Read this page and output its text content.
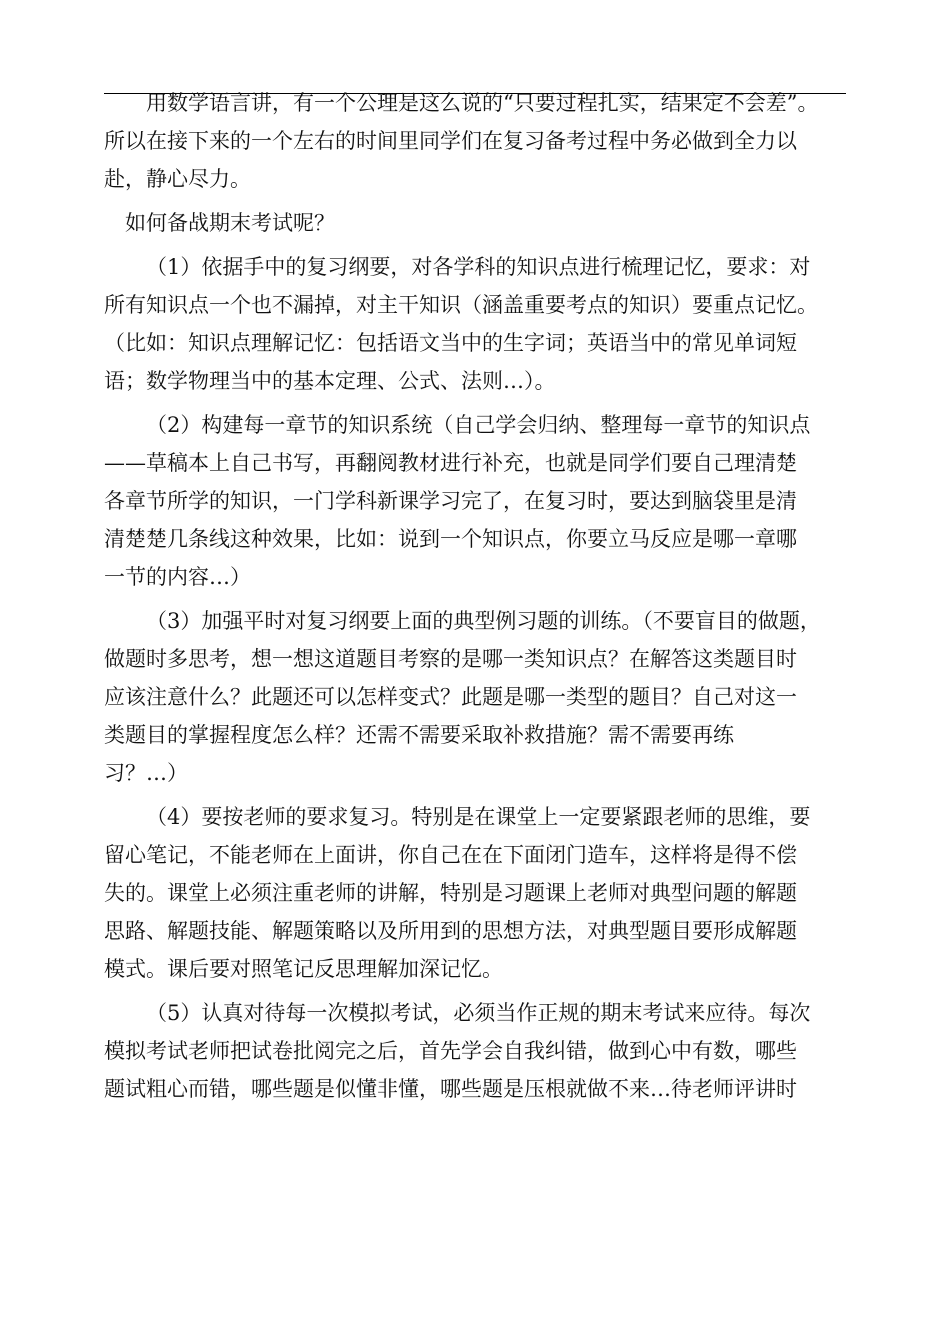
用数学语言讲，有一个公理是这么说的“只要过程扎实，结果定不会差”。
所以在接下来的一个左右的时间里同学们在复习备考过程中务必做到全力以
赴，静心尽力。

如何备战期末考试呢？

（1）依据手中的复习纲要，对各学科的知识点进行梳理记忆，要求：对
所有知识点一个也不漏掉，对主干知识（涵盖重要考点的知识）要重点记忆。
（比如：知识点理解记忆：包括语文当中的生字词；英语当中的常见单词短
语；数学物理当中的基本定理、公式、法则…）。

（2）构建每一章节的知识系统（自己学会归纳、整理每一章节的知识点
——草稿本上自己书写，再翻阅教材进行补充，也就是同学们要自己理清楚
各章节所学的知识，一门学科新课学习完了，在复习时，要达到脑袋里是清
清楚楚几条线这种效果，比如：说到一个知识点，你要立马反应是哪一章哪
一节的内容…）

（3）加强平时对复习纲要上面的典型例习题的训练。（不要盲目的做题，
做题时多思考，想一想这道题目考察的是哪一类知识点？在解答这类题目时
应该注意什么？此题还可以怎样变式？此题是哪一类型的题目？自己对这一
类题目的掌握程度怎么样？还需不需要采取补救措施？需不需要再练
习？…）

（4）要按老师的要求复习。特别是在课堂上一定要紧跟老师的思维，要
留心笔记，不能老师在上面讲，你自己在在下面闭门造车，这样将是得不偿
失的。课堂上必须注重老师的讲解，特别是习题课上老师对典型问题的解题
思路、解题技能、解题策略以及所用到的思想方法，对典型题目要形成解题
模式。课后要对照笔记反思理解加深记忆。

（5）认真对待每一次模拟考试，必须当作正规的期末考试来应待。每次
模拟考试老师把试卷批阅完之后，首先学会自我纠错，做到心中有数，哪些
题试粗心而错，哪些题是似懂非懂，哪些题是压根就做不来…待老师评讲时
